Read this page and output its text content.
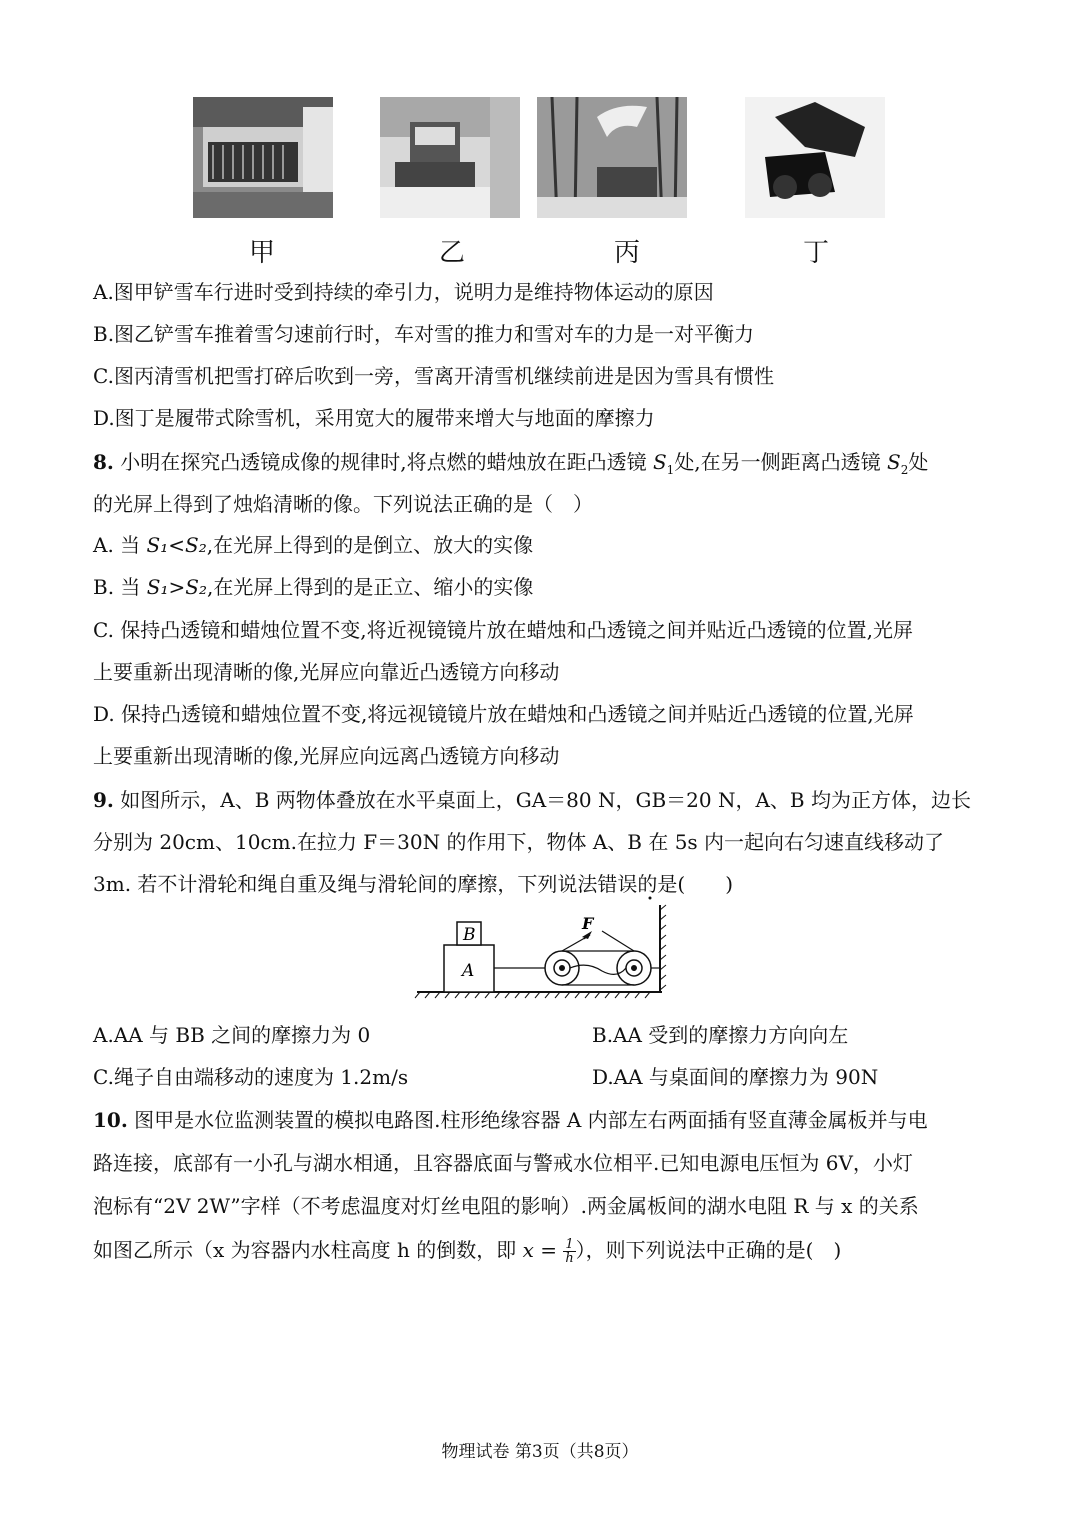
甲	乙	丙	丁
A.图甲铲雪车行进时受到持续的牵引力，说明力是维持物体运动的原因
B.图乙铲雪车推着雪匀速前行时，车对雪的推力和雪对车的力是一对平衡力
C.图丙清雪机把雪打碎后吹到一旁，雪离开清雪机继续前进是因为雪具有惯性
D.图丁是履带式除雪机，采用宽大的履带来增大与地面的摩擦力
8. 小明在探究凸透镜成像的规律时,将点燃的蜡烛放在距凸透镜 $S_1$处,在另一侧距离凸透镜 $S_2$处
的光屏上得到了烛焰清晰的像。下列说法正确的是（　）
A. 当 S₁<S₂,在光屏上得到的是倒立、放大的实像
B. 当 S₁>S₂,在光屏上得到的是正立、缩小的实像
C. 保持凸透镜和蜡烛位置不变,将近视镜镜片放在蜡烛和凸透镜之间并贴近凸透镜的位置,光屏
上要重新出现清晰的像,光屏应向靠近凸透镜方向移动
D. 保持凸透镜和蜡烛位置不变,将远视镜镜片放在蜡烛和凸透镜之间并贴近凸透镜的位置,光屏
上要重新出现清晰的像,光屏应向远离凸透镜方向移动
9. 如图所示，A、B 两物体叠放在水平桌面上，GA＝80 N，GB＝20 N，A、B 均为正方体，边长
分别为 20cm、10cm.在拉力 F＝30N 的作用下，物体 A、B 在 5s 内一起向右匀速直线移动了
3m. 若不计滑轮和绳自重及绳与滑轮间的摩擦，下列说法错误的是(　　)
F
B
A
A.AA 与 BB 之间的摩擦力为 0	B.AA 受到的摩擦力方向向左
C.绳子自由端移动的速度为 1.2m/s	D.AA 与桌面间的摩擦力为 90N
10. 图甲是水位监测装置的模拟电路图.柱形绝缘容器 A 内部左右两面插有竖直薄金属板并与电
路连接，底部有一小孔与湖水相通，且容器底面与警戒水位相平.已知电源电压恒为 6V，小灯
泡标有“2V 2W”字样（不考虑温度对灯丝电阻的影响）.两金属板间的湖水电阻 R 与 x 的关系
如图乙所示（x 为容器内水柱高度 h 的倒数，即 $x = \frac{1}{h}$ ），则下列说法中正确的是(　)
物理试卷 第3页（共8页）
